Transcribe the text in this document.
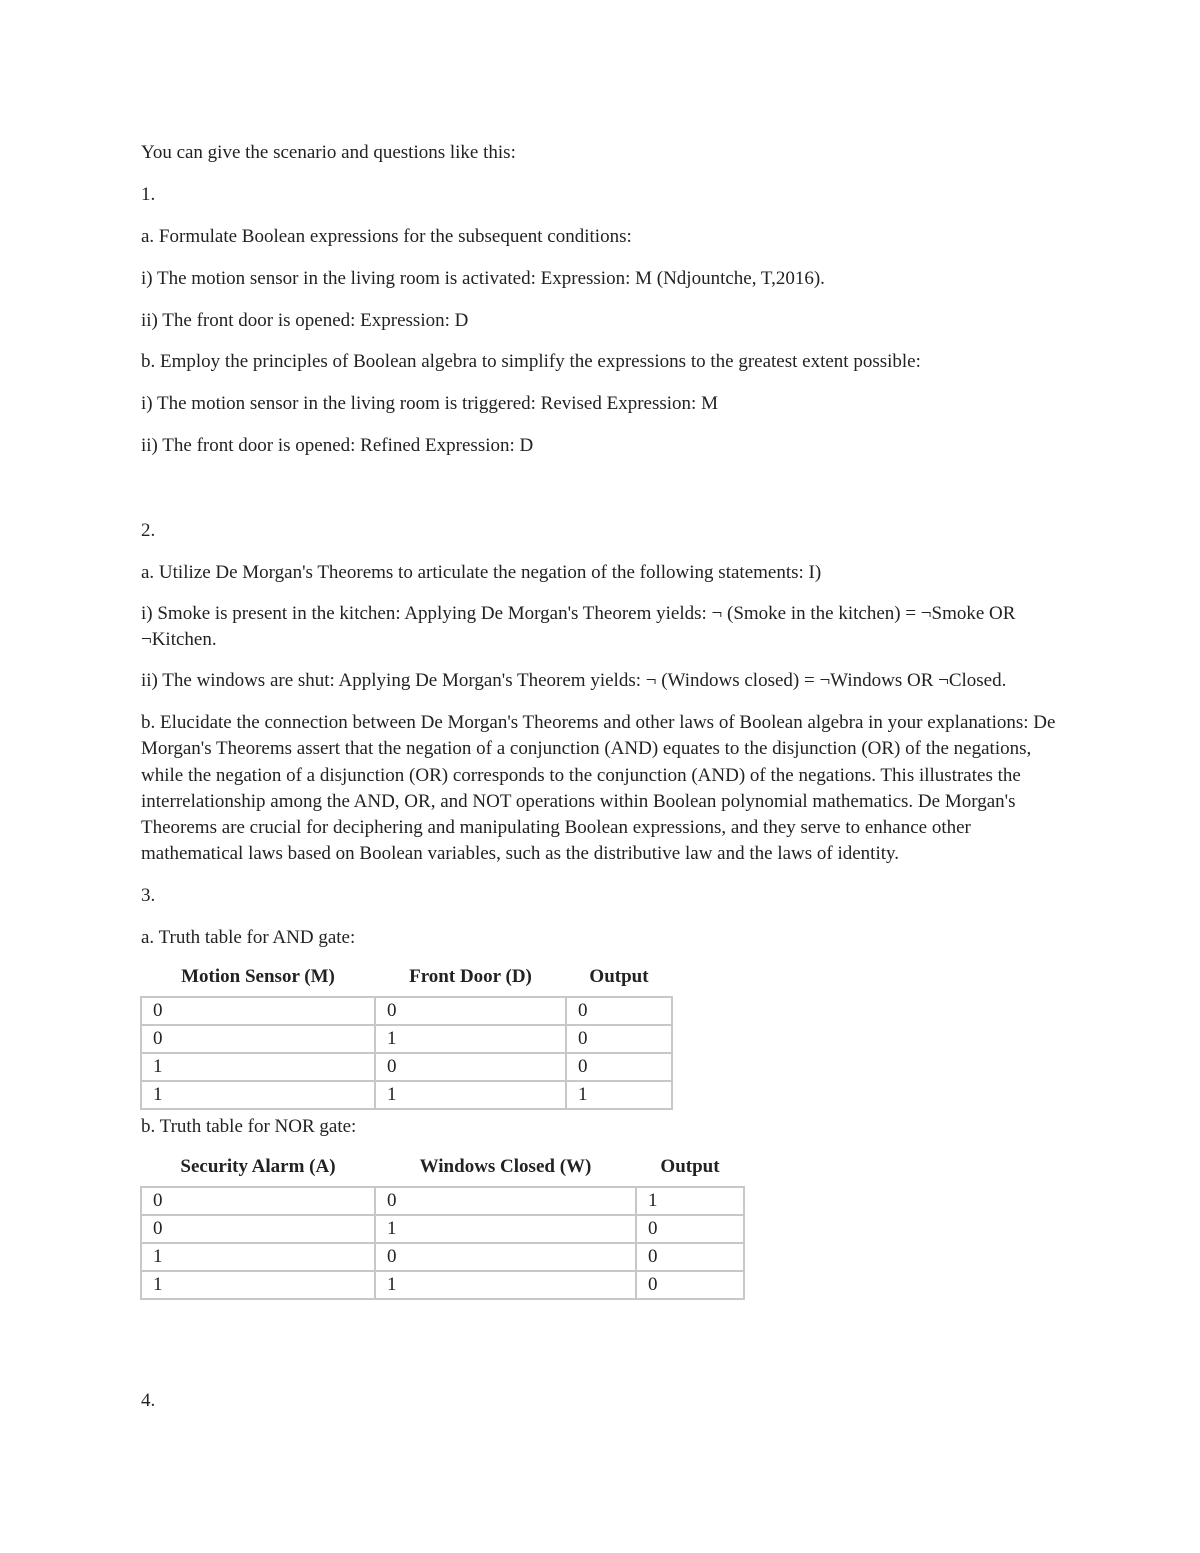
You can give the scenario and questions like this:

1.

a. Formulate Boolean expressions for the subsequent conditions:

i) The motion sensor in the living room is activated: Expression: M (Ndjountche, T,2016).

ii) The front door is opened: Expression: D

b. Employ the principles of Boolean algebra to simplify the expressions to the greatest extent possible:

i) The motion sensor in the living room is triggered: Revised Expression: M

ii) The front door is opened: Refined Expression: D

2.

a. Utilize De Morgan's Theorems to articulate the negation of the following statements: I)

i) Smoke is present in the kitchen: Applying De Morgan's Theorem yields: ¬ (Smoke in the kitchen) = ¬Smoke OR ¬Kitchen.

ii) The windows are shut: Applying De Morgan's Theorem yields: ¬ (Windows closed) = ¬Windows OR ¬Closed.

b. Elucidate the connection between De Morgan's Theorems and other laws of Boolean algebra in your explanations: De Morgan's Theorems assert that the negation of a conjunction (AND) equates to the disjunction (OR) of the negations, while the negation of a disjunction (OR) corresponds to the conjunction (AND) of the negations. This illustrates the interrelationship among the AND, OR, and NOT operations within Boolean polynomial mathematics. De Morgan's Theorems are crucial for deciphering and manipulating Boolean expressions, and they serve to enhance other mathematical laws based on Boolean variables, such as the distributive law and the laws of identity.

3.

a. Truth table for AND gate:

Motion Sensor (M)	Front Door (D)	Output
0	0	0
0	1	0
1	0	0
1	1	1

b. Truth table for NOR gate:

Security Alarm (A)	Windows Closed (W)	Output
0	0	1
0	1	0
1	0	0
1	1	0

4.
